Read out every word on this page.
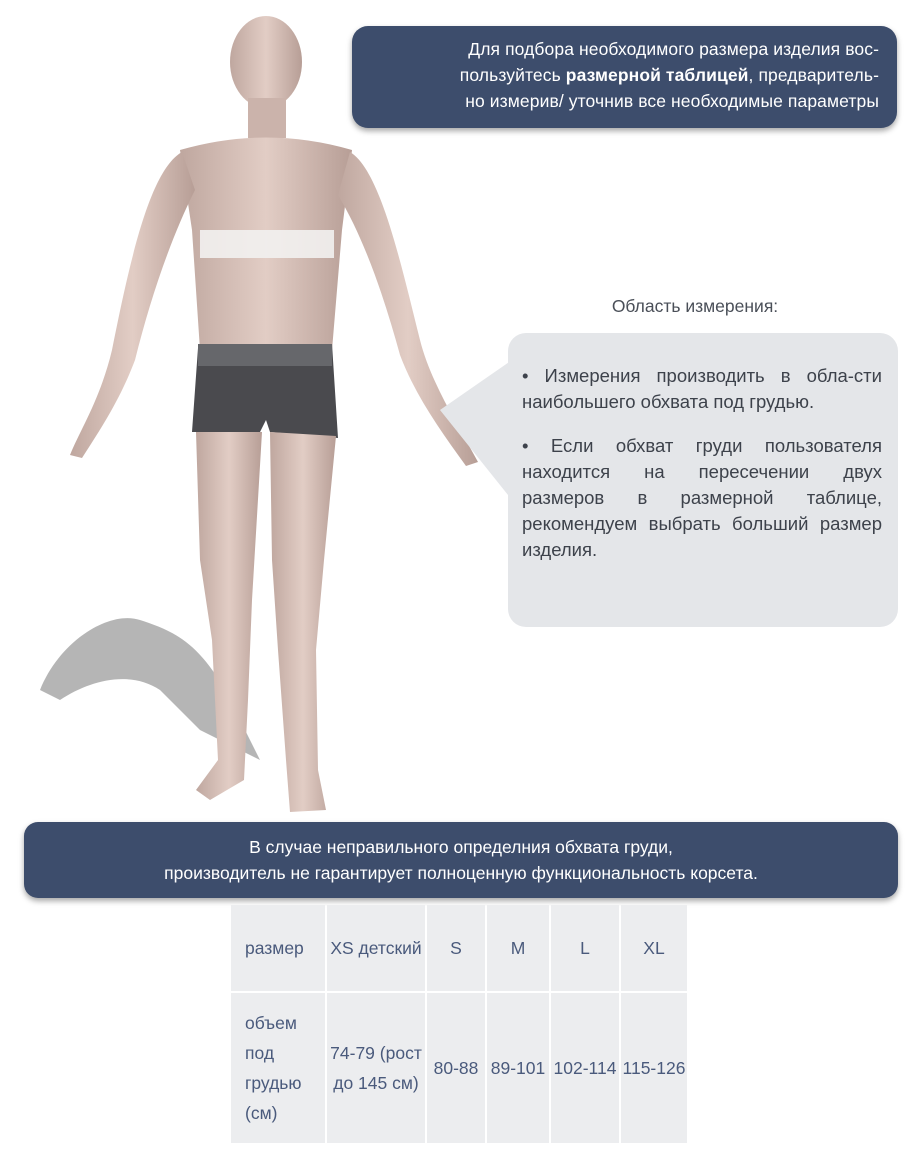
Для подбора необходимого размера изделия вос-
пользуйтесь размерной таблицей, предваритель-
но измерив/ уточнив все необходимые параметры
Область измерения:

• Измерения производить в обла-сти наибольшего обхвата под грудью.

• Если обхват груди пользователя находится на пересечении двух размеров в размерной таблице, рекомендуем выбрать больший размер изделия.

В случае неправильного определния обхвата груди,
производитель не гарантирует полноценную функциональность корсета.
размер	XS детский	S	M	L	XL
объем под грудью (см)	74-79 (рост до 145 см)	80-88	89-101	102-114	115-126
